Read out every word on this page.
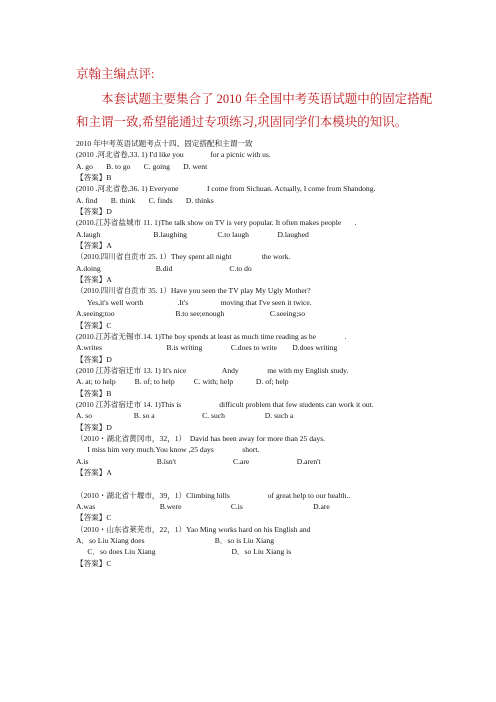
京翰主编点评:
本套试题主要集合了 2010 年全国中考英语试题中的固定搭配和主谓一致,希望能通过专项练习,巩固同学们本模块的知识。
2010 年中考英语试题考点十四、固定搭配和主谓一致
(2010 .河北省卷,33. 1) I'd like you              for a picnic with us.
A. go       B. to go       C. going       D. went
【答案】B
(2010 .河北省卷,36. 1) Everyone               I come from Sichuan. Actually, I come from Shandong.
A. find       B. think       C. finds       D. thinks
【答案】D
(2010.江苏省盐城市 11. 1)The talk show on TV is very popular. It often makes people       .
A.laugh                            B.laughing                C.to laugh               D.laughed
【答案】A
（2010.四川省自贡市 25. 1）They spent all night                the work.
A.doing                             B.did                              C.to do
【答案】A
（2010.四川省自贡市 35. 1）Have you seen the TV play My Ugly Mother?
Yes,it's well worth                  .It's                 moving that I've seen it twice.
A.seeing;too                                B.to see;enough                        C.seeing;so
【答案】C
(2010.江苏省无锡市.14. 1)The boy spends at least as much time reading as he               .
A.writes                                  B.is writing               C.does to write        D.does writing
【答案】D
(2010 江苏省宿迁市 13. 1) It's nice                   Andy               me with my English study.
A. at; to help          B. of; to help          C. with; help            D. of; help
【答案】B
(2010 江苏省宿迁市 14. 1)This is                    difficult problem that few students can work it out.
A. so                      B. so a                         C. such                     D. such a
【答案】D
（2010・湖北省黄冈市，32，1）  David has been away for more than 25 days.
I miss him very much.You know ,25 days               short.
A.is                                    B.isn't                              C.are                         D.aren't
【答案】A
（2010・湖北省十堰市，39，1）Climbing hills                    of great help to our health..
A.was                                  B.were                          C.is                                     D.are
【答案】C
（2010・山东省莱芜市，22，1）Yao Ming works hard on his English and
A．so Liu Xiang does                                     B．so is Liu Xiang
C．so does Liu Xiang                                        D．so Liu Xiang is
【答案】C
